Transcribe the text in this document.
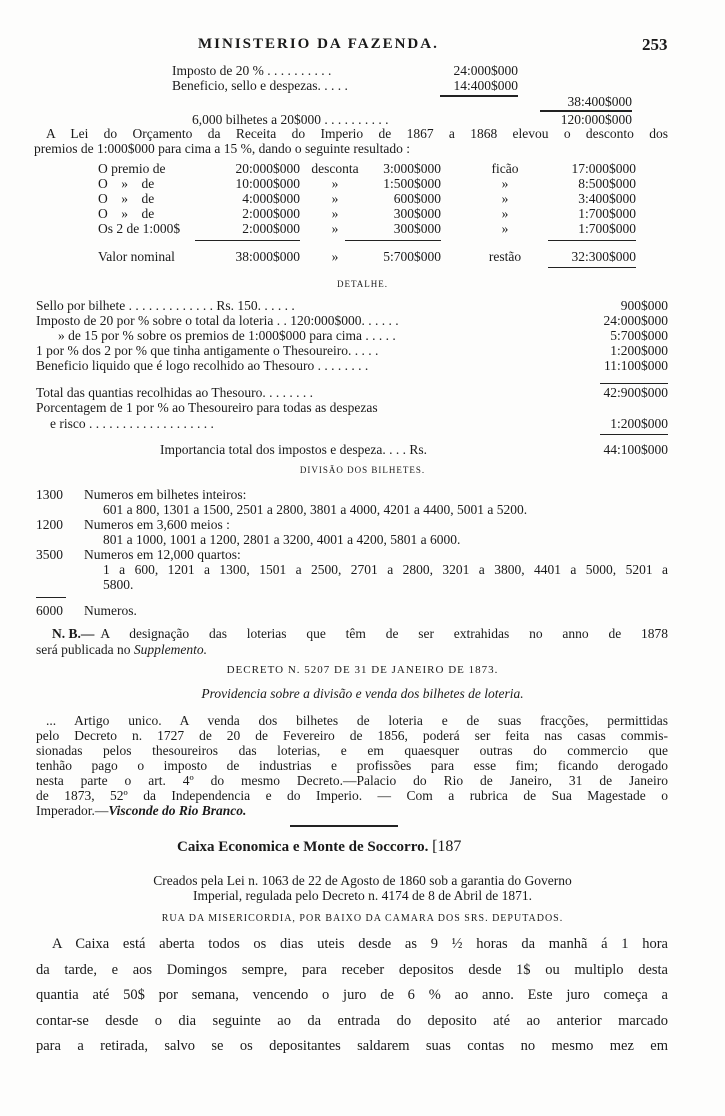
MINISTERIO DA FAZENDA.	253
Imposto de 20 % . . . . . . . . . .	24:000$000
Beneficio, sello e despezas. . . . .	14:400$000
38:400$000
6,000 bilhetes a 20$000 . . . . . . . . . .	120:000$000
A Lei do Orçamento da Receita do Imperio de 1867 a 1868 elevou o desconto dos
premios de 1:000$000 para cima a 15 %, dando o seguinte resultado :
O premio de	20:000$000 desconta	3:000$000	ficão	17:000$000
O    »    de	10:000$000	»	1:500$000	»	8:500$000
O    »    de	4:000$000	»	600$000	»	3:400$000
O    »    de	2:000$000	»	300$000	»	1:700$000
Os 2 de 1:000$	2:000$000	»	300$000	»	1:700$000
Valor nominal	38:000$000	»	5:700$000	restão	32:300$000
DETALHE.
Sello por bilhete . . . . . . . . . . . . . Rs. 150. . . . . .	900$000
Imposto de 20 por % sobre o total da loteria . . 120:000$000. . . . . .	24:000$000
» de 15 por % sobre os premios de 1:000$000 para cima . . . . .	5:700$000
1 por % dos 2 por % que tinha antigamente o Thesoureiro. . . . .	1:200$000
Beneficio liquido que é logo recolhido ao Thesouro . . . . . . . .	11:100$000
Total das quantias recolhidas ao Thesouro. . . . . . . .	42:900$000
Porcentagem de 1 por % ao Thesoureiro para todas as despezas
e risco . . . . . . . . . . . . . . . . . . .	1:200$000
Importancia total dos impostos e despeza. . . . Rs.	44:100$000
DIVISÃO DOS BILHETES.
1300 Numeros em bilhetes inteiros:
601 a 800, 1301 a 1500, 2501 a 2800, 3801 a 4000, 4201 a 4400, 5001 a 5200.
1200 Numeros em 3,600 meios :
801 a 1000, 1001 a 1200, 2801 a 3200, 4001 a 4200, 5801 a 6000.
3500 Numeros em 12,000 quartos:
1 a 600, 1201 a 1300, 1501 a 2500, 2701 a 2800, 3201 a 3800, 4401 a 5000, 5201 a
5800.
6000 Numeros.
N. B.— A designação das loterias que têm de ser extrahidas no anno de 1878
será publicada no Supplemento.
DECRETO N. 5207 DE 31 DE JANEIRO DE 1873.
Providencia sobre a divisão e venda dos bilhetes de loteria.
... Artigo unico. A venda dos bilhetes de loteria e de suas fracções, permittidas
pelo Decreto n. 1727 de 20 de Fevereiro de 1856, poderá ser feita nas casas commis-
sionadas pelos thesoureiros das loterias, e em quaesquer outras do commercio que
tenhão pago o imposto de industrias e profissões para esse fim; ficando derogado
nesta parte o art. 4º do mesmo Decreto.—Palacio do Rio de Janeiro, 31 de Janeiro
de 1873, 52º da Independencia e do Imperio. — Com a rubrica de Sua Magestade o
Imperador.—Visconde do Rio Branco.
Caixa Economica e Monte de Soccorro. [187
Creados pela Lei n. 1063 de 22 de Agosto de 1860 sob a garantia do Governo
Imperial, regulada pelo Decreto n. 4174 de 8 de Abril de 1871.
RUA DA MISERICORDIA, POR BAIXO DA CAMARA DOS SRS. DEPUTADOS.
A Caixa está aberta todos os dias uteis desde as 9 ½ horas da manhã á 1 hora
da tarde, e aos Domingos sempre, para receber depositos desde 1$ ou multiplo desta
quantia até 50$ por semana, vencendo o juro de 6 % ao anno. Este juro começa a
contar-se desde o dia seguinte ao da entrada do deposito até ao anterior marcado
para a retirada, salvo se os depositantes saldarem suas contas no mesmo mez em
